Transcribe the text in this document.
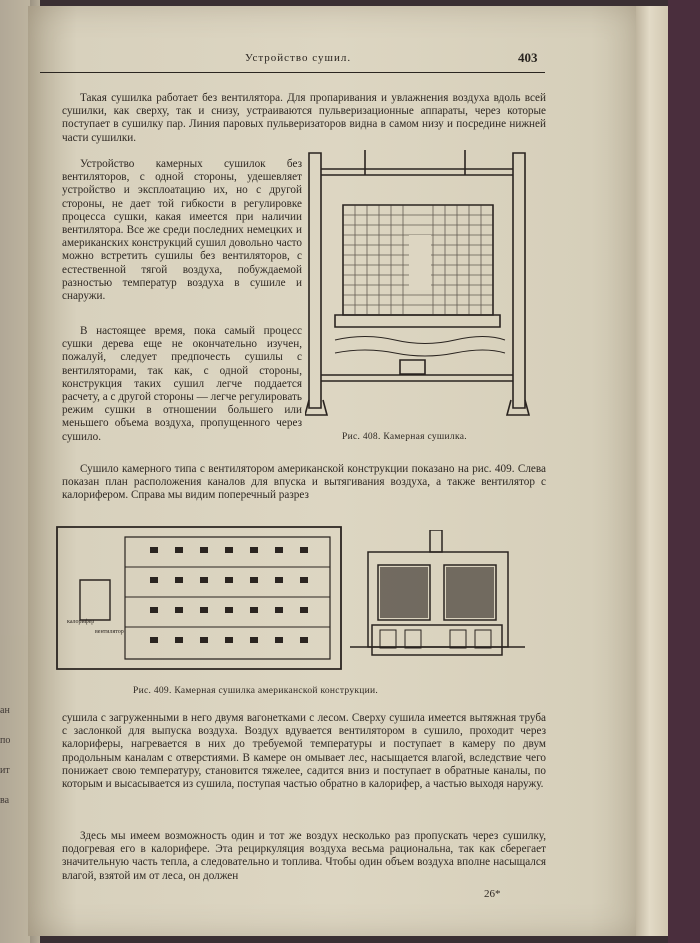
ан
по
ит
ва
Устройство сушил.	403
Такая сушилка работает без вентилятора. Для пропаривания и увлажнения воздуха вдоль всей сушилки, как сверху, так и снизу, устраиваются пульверизационные аппараты, через которые поступает в сушилку пар. Линия паровых пульверизаторов видна в самом низу и посредине нижней части сушилки.
Устройство камерных сушилок без вентиляторов, с одной стороны, удешевляет устройство и эксплоатацию их, но с другой стороны, не дает той гибкости в регулировке процесса сушки, какая имеется при наличии вентилятора. Все же среди последних немецких и американских конструкций сушил довольно часто можно встретить сушилы без вентиляторов, с естественной тягой воздуха, побуждаемой разностью температур воздуха в сушиле и снаружи.
В настоящее время, пока самый процесс сушки дерева еще не окончательно изучен, пожалуй, следует предпочесть сушилы с вентиляторами, так как, с одной стороны, конструкция таких сушил легче поддается расчету, а с другой стороны — легче регулировать режим сушки в отношении большего или меньшего объема воздуха, пропущенного через сушило.	Рис. 408. Камерная сушилка.
Сушило камерного типа с вентилятором американской конструкции показано на рис. 409. Слева показан план расположения каналов для впуска и вытягивания воздуха, а также вентилятор с калорифером. Справа мы видим поперечный разрез
калорифер
вентилятор
Рис. 409. Камерная сушилка американской конструкции.
сушила с загруженными в него двумя вагонетками с лесом. Сверху сушила имеется вытяжная труба с заслонкой для выпуска воздуха. Воздух вдувается вентилятором в сушило, проходит через калориферы, нагревается в них до требуемой температуры и поступает в камеру по двум продольным каналам с отверстиями. В камере он омывает лес, насыщается влагой, вследствие чего понижает свою температуру, становится тяжелее, садится вниз и поступает в обратные каналы, по которым и высасывается из сушила, поступая частью обратно в калорифер, а частью выходя наружу.
Здесь мы имеем возможность один и тот же воздух несколько раз пропускать через сушилку, подогревая его в калорифере. Эта рециркуляция воздуха весьма рациональна, так как сберегает значительную часть тепла, а следовательно и топлива. Чтобы один объем воздуха вполне насыщался влагой, взятой им от леса, он должен
26*
